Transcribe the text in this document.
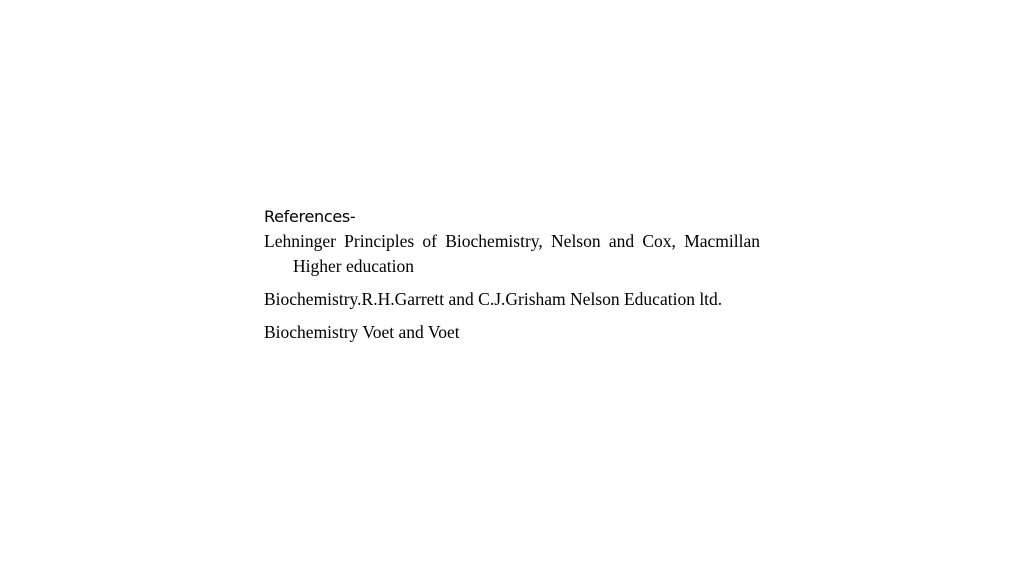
References-
Lehninger Principles of Biochemistry, Nelson and Cox, Macmillan Higher education
Biochemistry.R.H.Garrett and C.J.Grisham Nelson Education ltd.
Biochemistry Voet and Voet
